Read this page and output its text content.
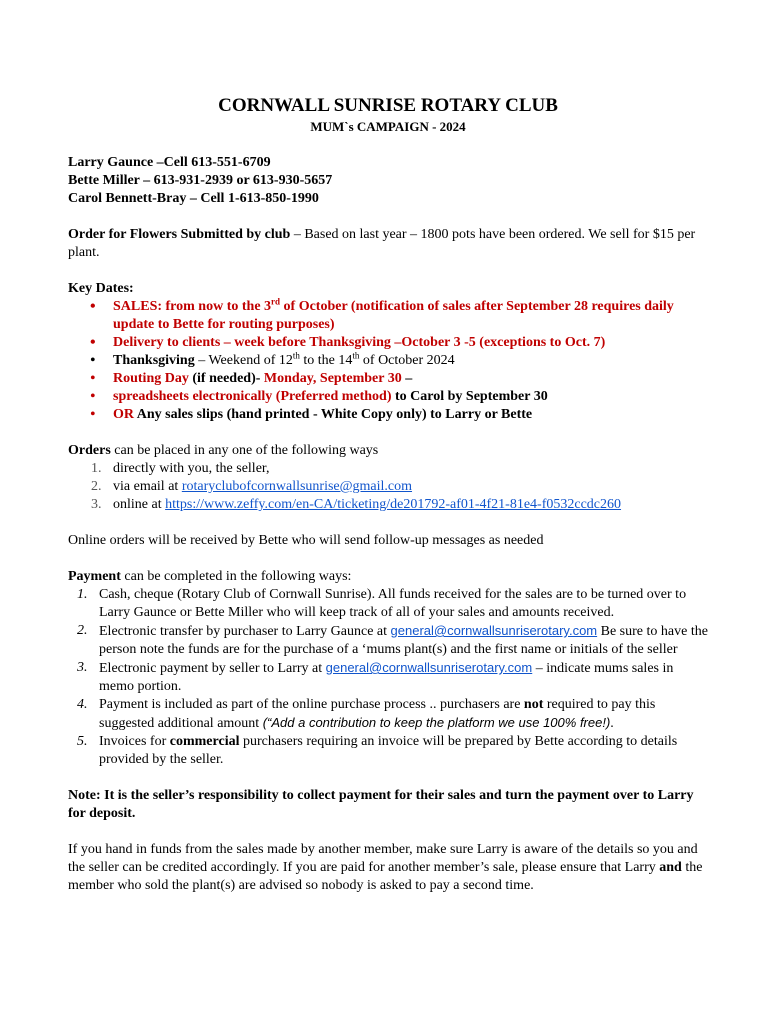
CORNWALL SUNRISE ROTARY CLUB

MUM`s CAMPAIGN - 2024

Larry Gaunce –Cell 613-551-6709
Bette Miller – 613-931-2939 or 613-930-5657
Carol Bennett-Bray – Cell 1-613-850-1990

Order for Flowers Submitted by club – Based on last year – 1800 pots have been ordered. We sell for $15 per plant.

Key Dates:

• SALES: from now to the 3rd of October (notification of sales after September 28 requires daily update to Bette for routing purposes)
• Delivery to clients – week before Thanksgiving –October 3 -5 (exceptions to Oct. 7)
• Thanksgiving – Weekend of 12th to the 14th of October 2024
• Routing Day (if needed)- Monday, September 30 –
• spreadsheets electronically (Preferred method) to Carol by September 30
• OR Any sales slips (hand printed - White Copy only) to Larry or Bette

Orders can be placed in any one of the following ways

1. directly with you, the seller,
2. via email at rotaryclubofcornwallsunrise@gmail.com
3. online at https://www.zeffy.com/en-CA/ticketing/de201792-af01-4f21-81e4-f0532ccdc260

Online orders will be received by Bette who will send follow-up messages as needed

Payment can be completed in the following ways:

1. Cash, cheque (Rotary Club of Cornwall Sunrise). All funds received for the sales are to be turned over to Larry Gaunce or Bette Miller who will keep track of all of your sales and amounts received.
2. Electronic transfer by purchaser to Larry Gaunce at general@cornwallsunriserotary.com Be sure to have the person note the funds are for the purchase of a ‘mums plant(s) and the first name or initials of the seller
3. Electronic payment by seller to Larry at general@cornwallsunriserotary.com – indicate mums sales in memo portion.
4. Payment is included as part of the online purchase process .. purchasers are not required to pay this suggested additional amount (“Add a contribution to keep the platform we use 100% free!).
5. Invoices for commercial purchasers requiring an invoice will be prepared by Bette according to details provided by the seller.

Note: It is the seller’s responsibility to collect payment for their sales and turn the payment over to Larry for deposit.

If you hand in funds from the sales made by another member, make sure Larry is aware of the details so you and the seller can be credited accordingly. If you are paid for another member’s sale, please ensure that Larry and the member who sold the plant(s) are advised so nobody is asked to pay a second time.
